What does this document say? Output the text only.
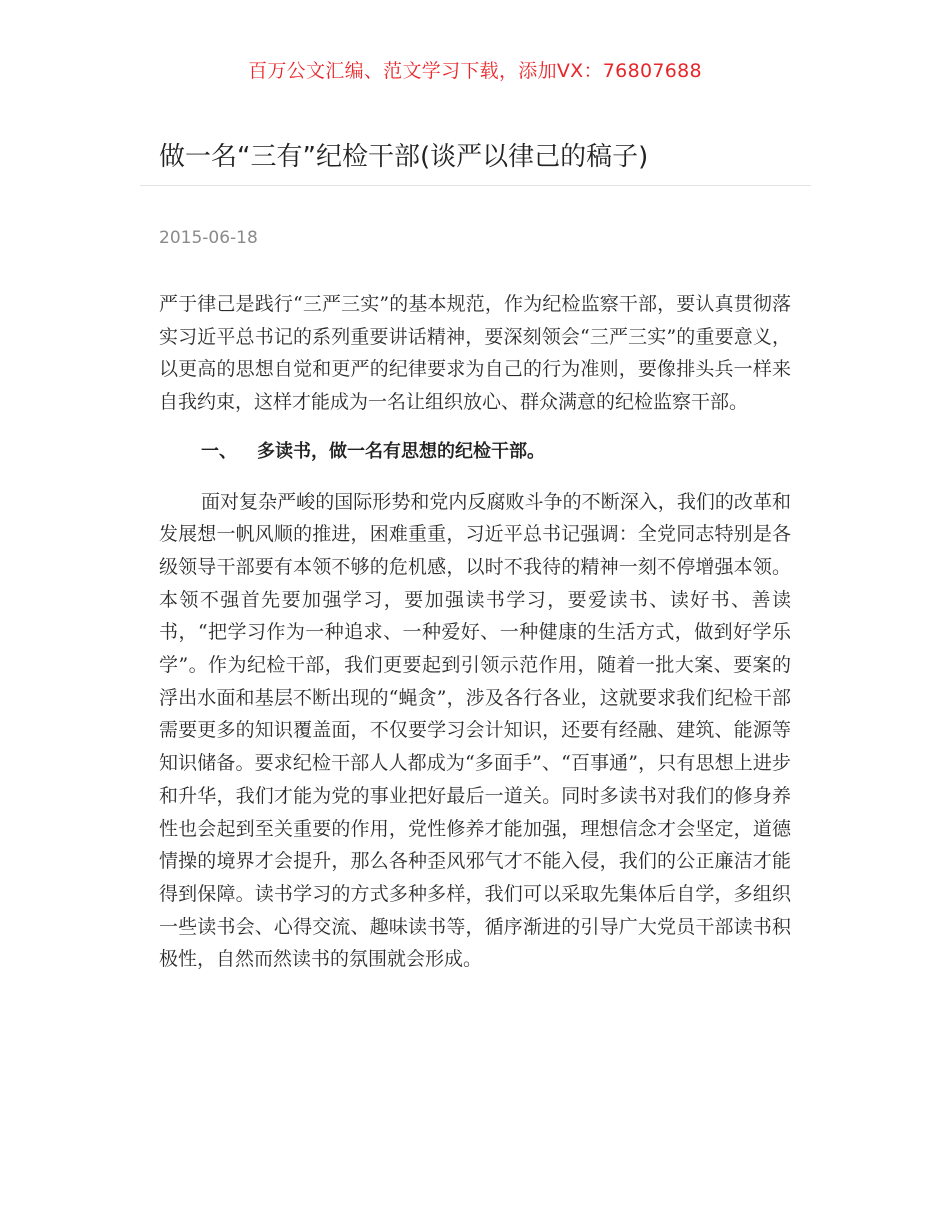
百万公文汇编、范文学习下载，添加VX：76807688
做一名“三有”纪检干部(谈严以律己的稿子)
2015-06-18

严于律己是践行“三严三实”的基本规范，作为纪检监察干部，要认真贯彻落实习近平总书记的系列重要讲话精神，要深刻领会“三严三实”的重要意义，以更高的思想自觉和更严的纪律要求为自己的行为准则，要像排头兵一样来自我约束，这样才能成为一名让组织放心、群众满意的纪检监察干部。

一、 多读书，做一名有思想的纪检干部。

面对复杂严峻的国际形势和党内反腐败斗争的不断深入，我们的改革和发展想一帆风顺的推进，困难重重，习近平总书记强调：全党同志特别是各级领导干部要有本领不够的危机感，以时不我待的精神一刻不停增强本领。本领不强首先要加强学习，要加强读书学习，要爱读书、读好书、善读书，“把学习作为一种追求、一种爱好、一种健康的生活方式，做到好学乐学”。作为纪检干部，我们更要起到引领示范作用，随着一批大案、要案的浮出水面和基层不断出现的“蝇贪”，涉及各行各业，这就要求我们纪检干部需要更多的知识覆盖面，不仅要学习会计知识，还要有经融、建筑、能源等知识储备。要求纪检干部人人都成为“多面手”、“百事通”，只有思想上进步和升华，我们才能为党的事业把好最后一道关。同时多读书对我们的修身养性也会起到至关重要的作用，党性修养才能加强，理想信念才会坚定，道德情操的境界才会提升，那么各种歪风邪气才不能入侵，我们的公正廉洁才能得到保障。读书学习的方式多种多样，我们可以采取先集体后自学，多组织一些读书会、心得交流、趣味读书等，循序渐进的引导广大党员干部读书积极性，自然而然读书的氛围就会形成。
